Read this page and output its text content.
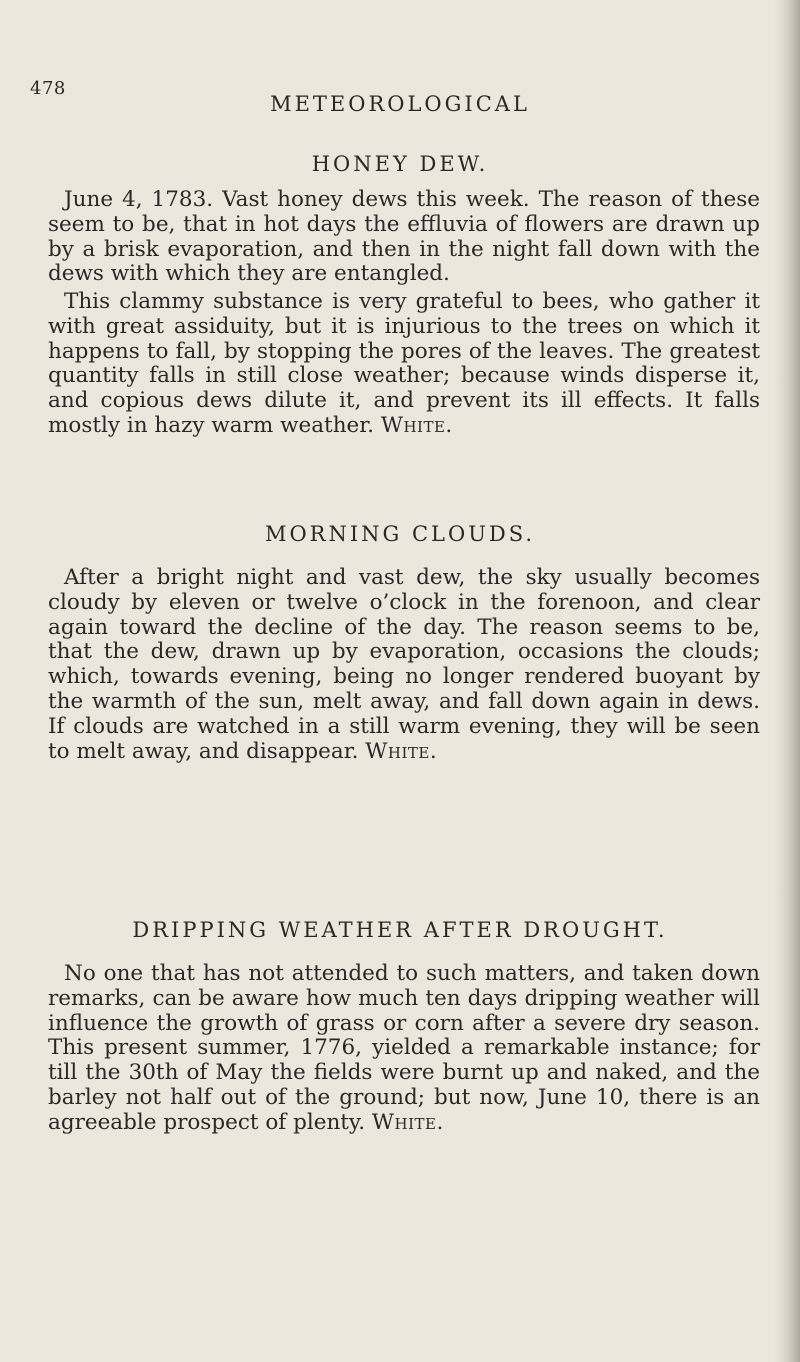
478
METEOROLOGICAL
HONEY DEW.

June 4, 1783. Vast honey dews this week. The reason of these seem to be, that in hot days the effluvia of flowers are drawn up by a brisk evaporation, and then in the night fall down with the dews with which they are entangled.

This clammy substance is very grateful to bees, who gather it with great assiduity, but it is injurious to the trees on which it happens to fall, by stopping the pores of the leaves. The greatest quantity falls in still close weather; because winds disperse it, and copious dews dilute it, and prevent its ill effects. It falls mostly in hazy warm weather. White.

MORNING CLOUDS.

After a bright night and vast dew, the sky usually becomes cloudy by eleven or twelve o’clock in the forenoon, and clear again toward the decline of the day. The reason seems to be, that the dew, drawn up by evaporation, occasions the clouds; which, towards evening, being no longer rendered buoyant by the warmth of the sun, melt away, and fall down again in dews. If clouds are watched in a still warm evening, they will be seen to melt away, and disappear. White.

DRIPPING WEATHER AFTER DROUGHT.

No one that has not attended to such matters, and taken down remarks, can be aware how much ten days dripping weather will influence the growth of grass or corn after a severe dry season. This present summer, 1776, yielded a remarkable instance; for till the 30th of May the fields were burnt up and naked, and the barley not half out of the ground; but now, June 10, there is an agreeable prospect of plenty. White.
